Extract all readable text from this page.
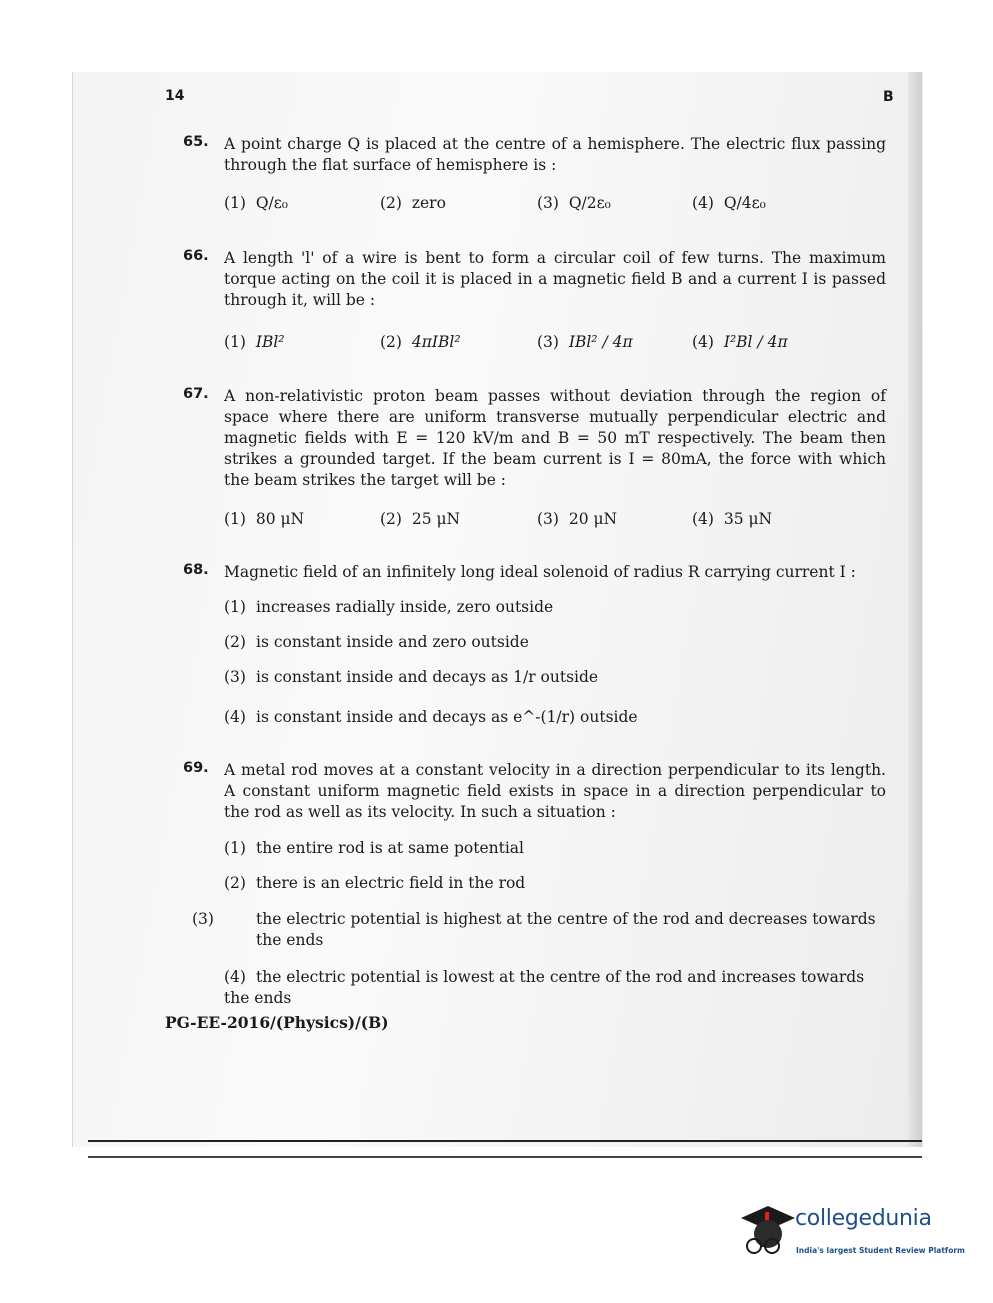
14	B
65. A point charge Q is placed at the centre of a hemisphere. The electric flux passing through the flat surface of hemisphere is :
(1) Q/ε₀	(2) zero	(3) Q/2ε₀	(4) Q/4ε₀
66. A length 'l' of a wire is bent to form a circular coil of few turns. The maximum torque acting on the coil it is placed in a magnetic field B and a current I is passed through it, will be :
(1) IBl²	(2) 4πIBl²	(3) IBl² / 4π	(4) I²Bl / 4π
67. A non-relativistic proton beam passes without deviation through the region of space where there are uniform transverse mutually perpendicular electric and magnetic fields with E = 120 kV/m and B = 50 mT respectively. The beam then strikes a grounded target. If the beam current is I = 80mA, the force with which the beam strikes the target will be :
(1) 80 μN	(2) 25 μN	(3) 20 μN	(4) 35 μN
68. Magnetic field of an infinitely long ideal solenoid of radius R carrying current I :
(1) increases radially inside, zero outside
(2) is constant inside and zero outside
(3) is constant inside and decays as 1/r outside
(4) is constant inside and decays as e^-(1/r) outside
69. A metal rod moves at a constant velocity in a direction perpendicular to its length. A constant uniform magnetic field exists in space in a direction perpendicular to the rod as well as its velocity. In such a situation :
(1) the entire rod is at same potential
(2) there is an electric field in the rod
(3)	the electric potential is highest at the centre of the rod and decreases towards the ends
(4) the electric potential is lowest at the centre of the rod and increases towards the ends
PG-EE-2016/(Physics)/(B)
collegedunia
India's largest Student Review Platform
